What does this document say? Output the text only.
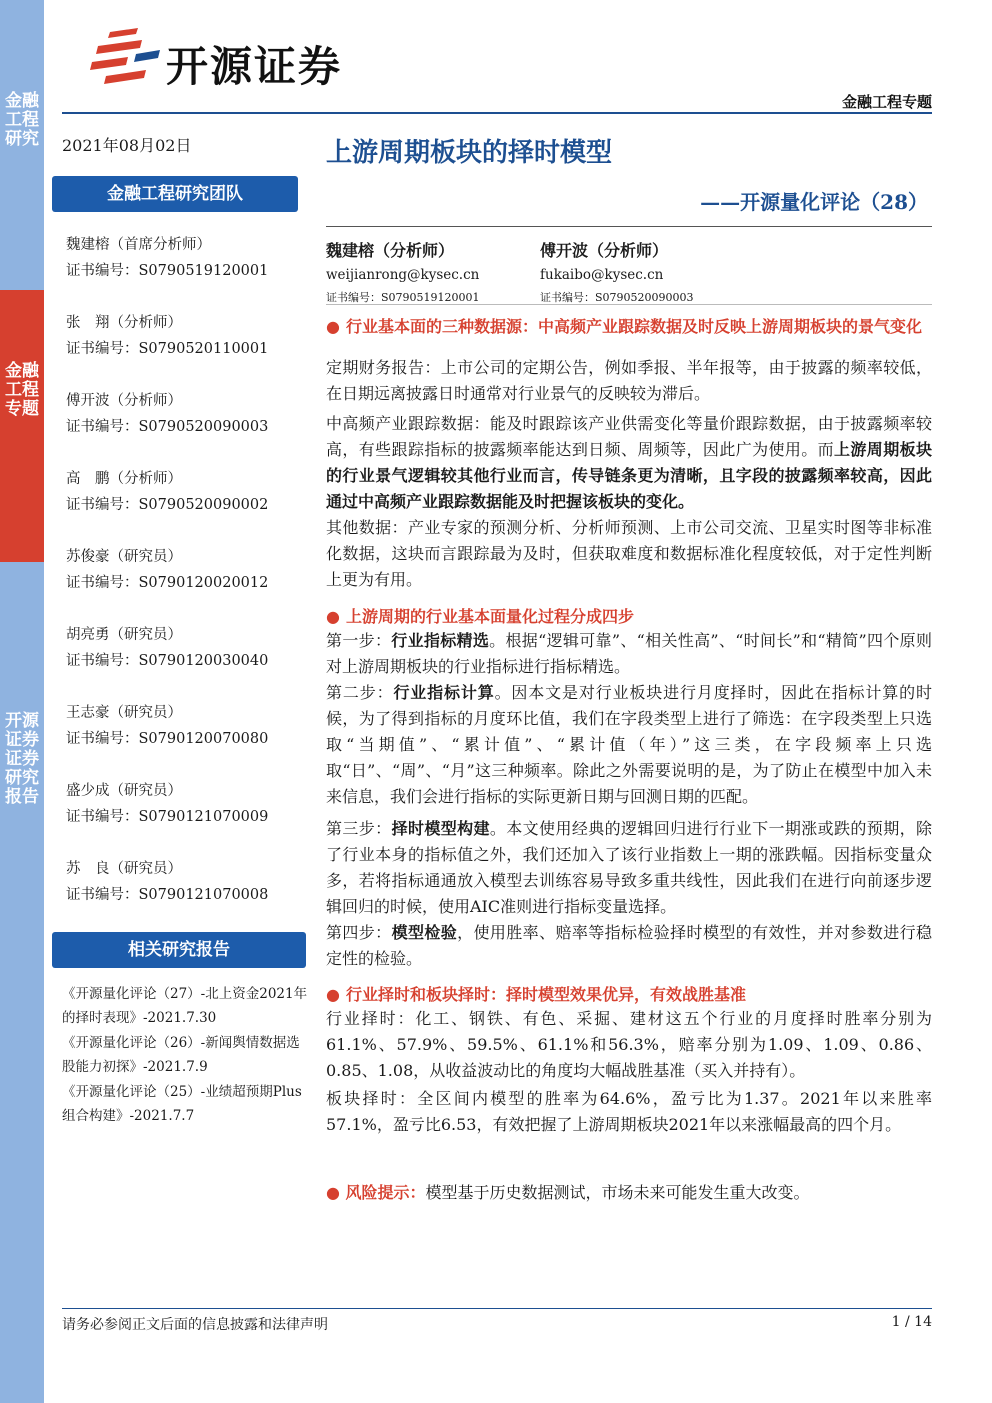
金融工程研究
金融工程专题
开源证券 证券研究报告
开源证券
金融工程专题
2021年08月02日
金融工程研究团队
魏建榕（首席分析师）
证书编号：S0790519120001
张　翔（分析师）
证书编号：S0790520110001
傅开波（分析师）
证书编号：S0790520090003
高　鹏（分析师）
证书编号：S0790520090002
苏俊豪（研究员）
证书编号：S0790120020012
胡亮勇（研究员）
证书编号：S0790120030040
王志豪（研究员）
证书编号：S0790120070080
盛少成（研究员）
证书编号：S0790121070009
苏　良（研究员）
证书编号：S0790121070008
相关研究报告
《开源量化评论（27）-北上资金2021年的择时表现》-2021.7.30
《开源量化评论（26）-新闻舆情数据选股能力初探》-2021.7.9
《开源量化评论（25）-业绩超预期Plus组合构建》-2021.7.7
上游周期板块的择时模型
——开源量化评论（28）
魏建榕（分析师）
weijianrong@kysec.cn
证书编号：S0790519120001
傅开波（分析师）
fukaibo@kysec.cn
证书编号：S0790520090003
● 行业基本面的三种数据源：中高频产业跟踪数据及时反映上游周期板块的景气变化
定期财务报告：上市公司的定期公告，例如季报、半年报等，由于披露的频率较低，在日期远离披露日时通常对行业景气的反映较为滞后。
中高频产业跟踪数据：能及时跟踪该产业供需变化等量价跟踪数据，由于披露频率较高，有些跟踪指标的披露频率能达到日频、周频等，因此广为使用。而上游周期板块的行业景气逻辑较其他行业而言，传导链条更为清晰，且字段的披露频率较高，因此通过中高频产业跟踪数据能及时把握该板块的变化。
其他数据：产业专家的预测分析、分析师预测、上市公司交流、卫星实时图等非标准化数据，这块而言跟踪最为及时，但获取难度和数据标准化程度较低，对于定性判断上更为有用。
● 上游周期的行业基本面量化过程分成四步
第一步：行业指标精选。根据“逻辑可靠”、“相关性高”、“时间长”和“精简”四个原则对上游周期板块的行业指标进行指标精选。
第二步：行业指标计算。因本文是对行业板块进行月度择时，因此在指标计算的时候，为了得到指标的月度环比值，我们在字段类型上进行了筛选：在字段类型上只选取“当期值”、“累计值”、“累计值（年）”这三类，在字段频率上只选取“日”、“周”、“月”这三种频率。除此之外需要说明的是，为了防止在模型中加入未来信息，我们会进行指标的实际更新日期与回测日期的匹配。
第三步：择时模型构建。本文使用经典的逻辑回归进行行业下一期涨或跌的预期，除了行业本身的指标值之外，我们还加入了该行业指数上一期的涨跌幅。因指标变量众多，若将指标通通放入模型去训练容易导致多重共线性，因此我们在进行向前逐步逻辑回归的时候，使用AIC准则进行指标变量选择。
第四步：模型检验，使用胜率、赔率等指标检验择时模型的有效性，并对参数进行稳定性的检验。
● 行业择时和板块择时：择时模型效果优异，有效战胜基准
行业择时：化工、钢铁、有色、采掘、建材这五个行业的月度择时胜率分别为61.1%、57.9%、59.5%、61.1%和56.3%，赔率分别为1.09、1.09、0.86、0.85、1.08，从收益波动比的角度均大幅战胜基准（买入并持有）。
板块择时：全区间内模型的胜率为64.6%，盈亏比为1.37。2021年以来胜率57.1%，盈亏比6.53，有效把握了上游周期板块2021年以来涨幅最高的四个月。
● 风险提示：模型基于历史数据测试，市场未来可能发生重大改变。
请务必参阅正文后面的信息披露和法律声明	1 / 14
